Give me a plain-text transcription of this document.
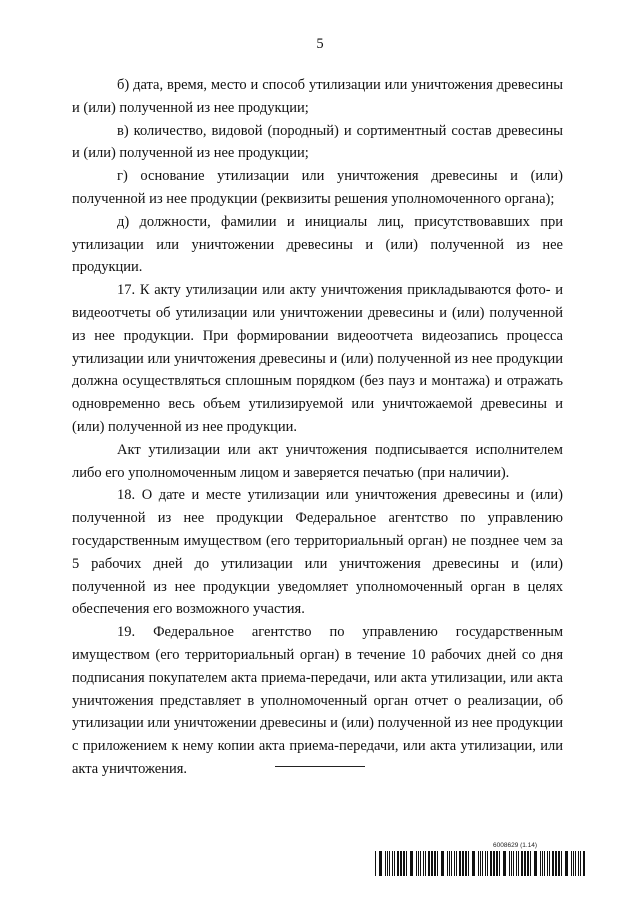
5

б) дата, время, место и способ утилизации или уничтожения древесины и (или) полученной из нее продукции;

в) количество, видовой (породный) и сортиментный состав древесины и (или) полученной из нее продукции;

г) основание утилизации или уничтожения древесины и (или) полученной из нее продукции (реквизиты решения уполномоченного органа);

д) должности, фамилии и инициалы лиц, присутствовавших при утилизации или уничтожении древесины и (или) полученной из нее продукции.

17. К акту утилизации или акту уничтожения прикладываются фото- и видеоотчеты об утилизации или уничтожении древесины и (или) полученной из нее продукции. При формировании видеоотчета видеозапись процесса утилизации или уничтожения древесины и (или) полученной из нее продукции должна осуществляться сплошным порядком (без пауз и монтажа) и отражать одновременно весь объем утилизируемой или уничтожаемой древесины и (или) полученной из нее продукции.

Акт утилизации или акт уничтожения подписывается исполнителем либо его уполномоченным лицом и заверяется печатью (при наличии).

18. О дате и месте утилизации или уничтожения древесины и (или) полученной из нее продукции Федеральное агентство по управлению государственным имуществом (его территориальный орган) не позднее чем за 5 рабочих дней до утилизации или уничтожения древесины и (или) полученной из нее продукции уведомляет уполномоченный орган в целях обеспечения его возможного участия.

19. Федеральное агентство по управлению государственным имуществом (его территориальный орган) в течение 10 рабочих дней со дня подписания покупателем акта приема-передачи, или акта утилизации, или акта уничтожения представляет в уполномоченный орган отчет о реализации, об утилизации или уничтожении древесины и (или) полученной из нее продукции с приложением к нему копии акта приема-передачи, или акта утилизации, или акта уничтожения.

6008629 (1.14)
